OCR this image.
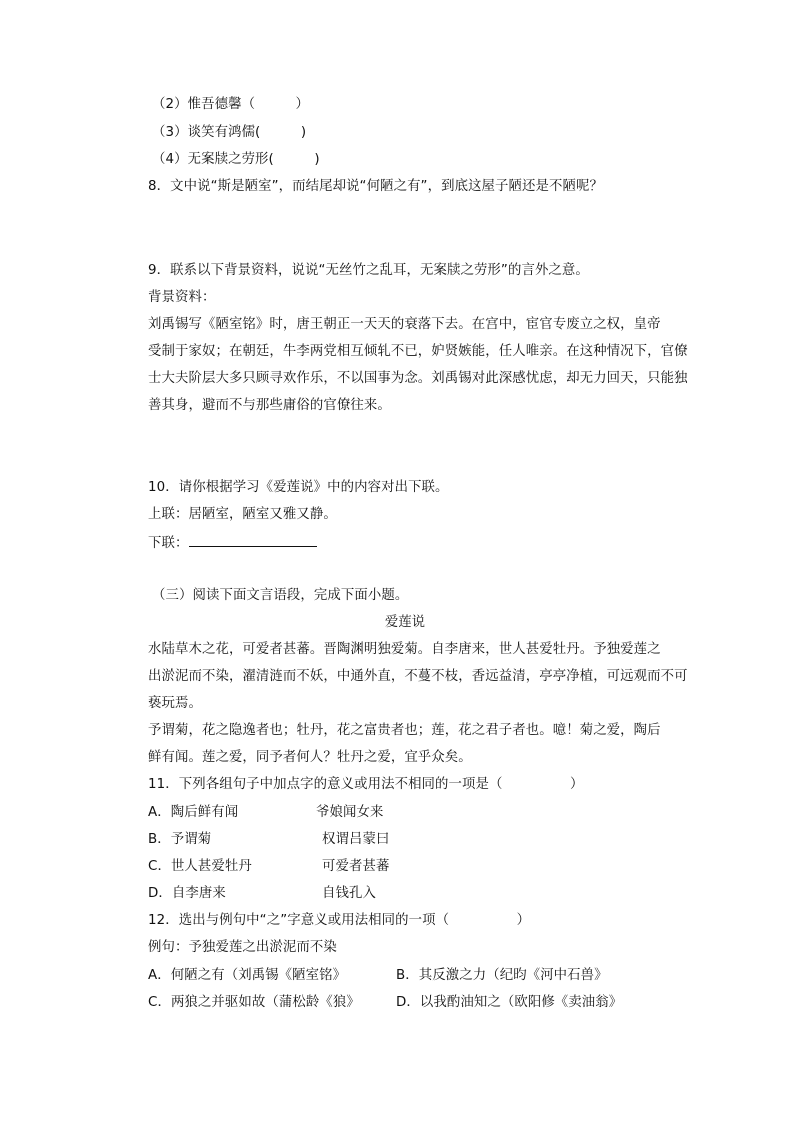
（2）惟吾德馨（　　　）
（3）谈笑有鸿儒(　　　)
（4）无案牍之劳形(　　　)
8．文中说“斯是陋室”，而结尾却说“何陋之有”，到底这屋子陋还是不陋呢？
9．联系以下背景资料，说说“无丝竹之乱耳，无案牍之劳形”的言外之意。
背景资料：
刘禹锡写《陋室铭》时，唐王朝正一天天的衰落下去。在宫中，宦官专废立之权，皇帝
受制于家奴；在朝廷，牛李两党相互倾轧不已，妒贤嫉能，任人唯亲。在这种情况下，官僚
士大夫阶层大多只顾寻欢作乐，不以国事为念。刘禹锡对此深感忧虑，却无力回天，只能独
善其身，避而不与那些庸俗的官僚往来。
10．请你根据学习《爱莲说》中的内容对出下联。
上联：居陋室，陋室又雅又静。
下联：
（三）阅读下面文言语段，完成下面小题。
爱莲说
水陆草木之花，可爱者甚蕃。晋陶渊明独爱菊。自李唐来，世人甚爱牡丹。予独爱莲之
出淤泥而不染，濯清涟而不妖，中通外直，不蔓不枝，香远益清，亭亭净植，可远观而不可
亵玩焉。
予谓菊，花之隐逸者也；牡丹，花之富贵者也；莲，花之君子者也。噫！菊之爱，陶后
鲜有闻。莲之爱，同予者何人？牡丹之爱，宜乎众矣。
11．下列各组句子中加点字的意义或用法不相同的一项是（　　　　　）
A．陶后鲜有闻	爷娘闻女来
B．予谓菊	权谓吕蒙曰
C．世人甚爱牡丹	可爱者甚蕃
D．自李唐来	自钱孔入
12．选出与例句中“之”字意义或用法相同的一项（　　　　　）
例句：予独爱莲之出淤泥而不染
A．何陋之有（刘禹锡《陋室铭》	B．其反激之力（纪昀《河中石兽》
C．两狼之并驱如故（蒲松龄《狼》	D．以我酌油知之（欧阳修《卖油翁》
